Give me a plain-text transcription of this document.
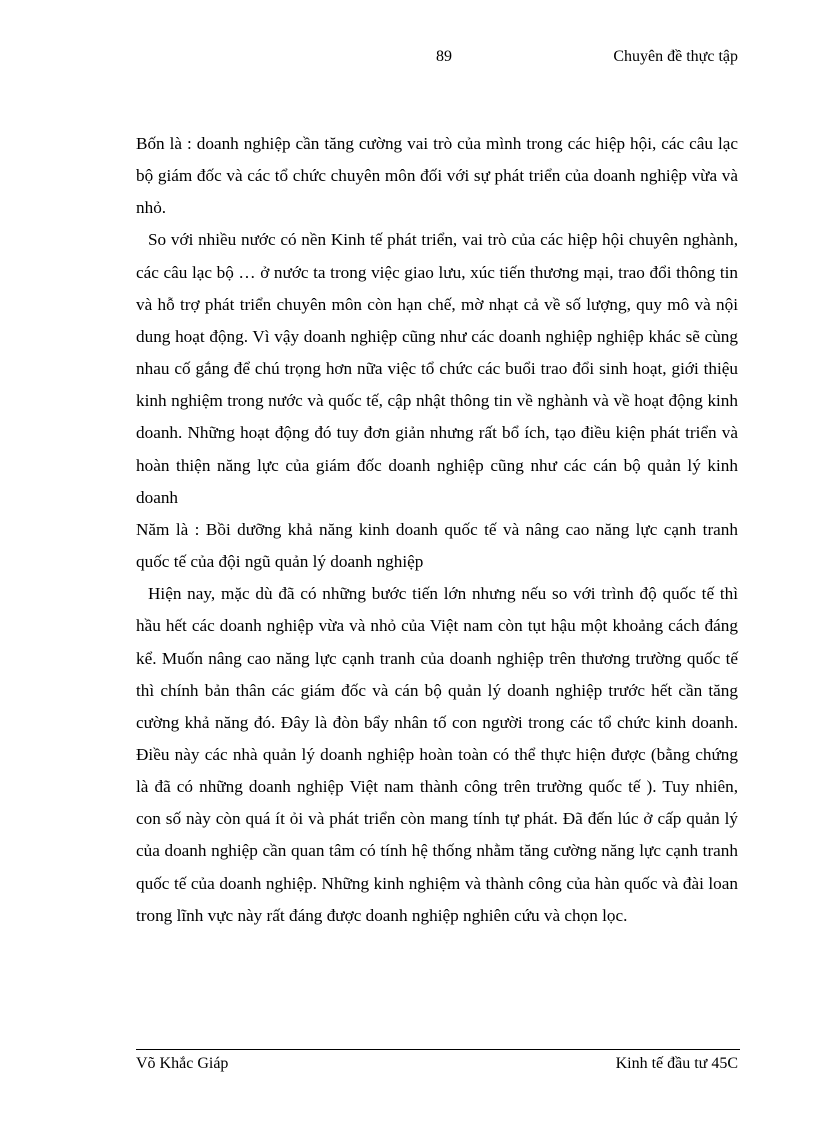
89	Chuyên đề thực tập

Bốn là : doanh nghiệp cần tăng cường vai trò của mình trong các hiệp hội, các câu lạc bộ giám đốc và các tổ chức chuyên môn đối với sự phát triển của doanh nghiệp vừa và nhỏ.

So với nhiều nước có nền Kinh tế phát triển, vai trò của các hiệp hội chuyên nghành, các câu lạc bộ … ở nước ta trong việc giao lưu, xúc tiến thương mại, trao đổi thông tin và hỗ trợ phát triển chuyên môn còn hạn chế, mờ nhạt cả về số lượng, quy mô và nội dung hoạt động. Vì vậy doanh nghiệp cũng như các doanh nghiệp nghiệp khác sẽ cùng nhau cố gắng để chú trọng hơn nữa việc tổ chức các buổi trao đổi sinh hoạt, giới thiệu kinh nghiệm trong nước và quốc tế, cập nhật thông tin về nghành và về hoạt động kinh doanh. Những hoạt động đó tuy đơn giản nhưng rất bổ ích, tạo điều kiện phát triển và hoàn thiện năng lực của giám đốc doanh nghiệp cũng như các cán bộ quản lý kinh doanh

Năm là : Bồi dưỡng khả năng kinh doanh quốc tế và nâng cao năng lực cạnh tranh quốc tế của đội ngũ quản lý doanh nghiệp

Hiện nay, mặc dù đã có những bước tiến lớn nhưng nếu so với trình độ quốc tế thì hầu hết các doanh nghiệp vừa và nhỏ của Việt nam còn tụt hậu một khoảng cách đáng kể. Muốn nâng cao năng lực cạnh tranh của doanh nghiệp trên thương trường quốc tế thì chính bản thân các giám đốc và cán bộ quản lý doanh nghiệp trước hết cần tăng cường khả năng đó. Đây là đòn bẩy nhân tố con người trong các tổ chức kinh doanh. Điều này các nhà quản lý doanh nghiệp hoàn toàn có thể thực hiện được (bằng chứng là đã có những doanh nghiệp Việt nam thành công trên trường quốc tế ). Tuy nhiên, con số này còn quá ít ỏi và phát triển còn mang tính tự phát. Đã đến lúc ở cấp quản lý của doanh nghiệp cần quan tâm có tính hệ thống nhằm tăng cường năng lực cạnh tranh quốc tế của doanh nghiệp. Những kinh nghiệm và thành công của hàn quốc và đài loan trong lĩnh vực này rất đáng được doanh nghiệp nghiên cứu và chọn lọc.

Võ Khắc Giáp	Kinh tế đầu tư 45C
